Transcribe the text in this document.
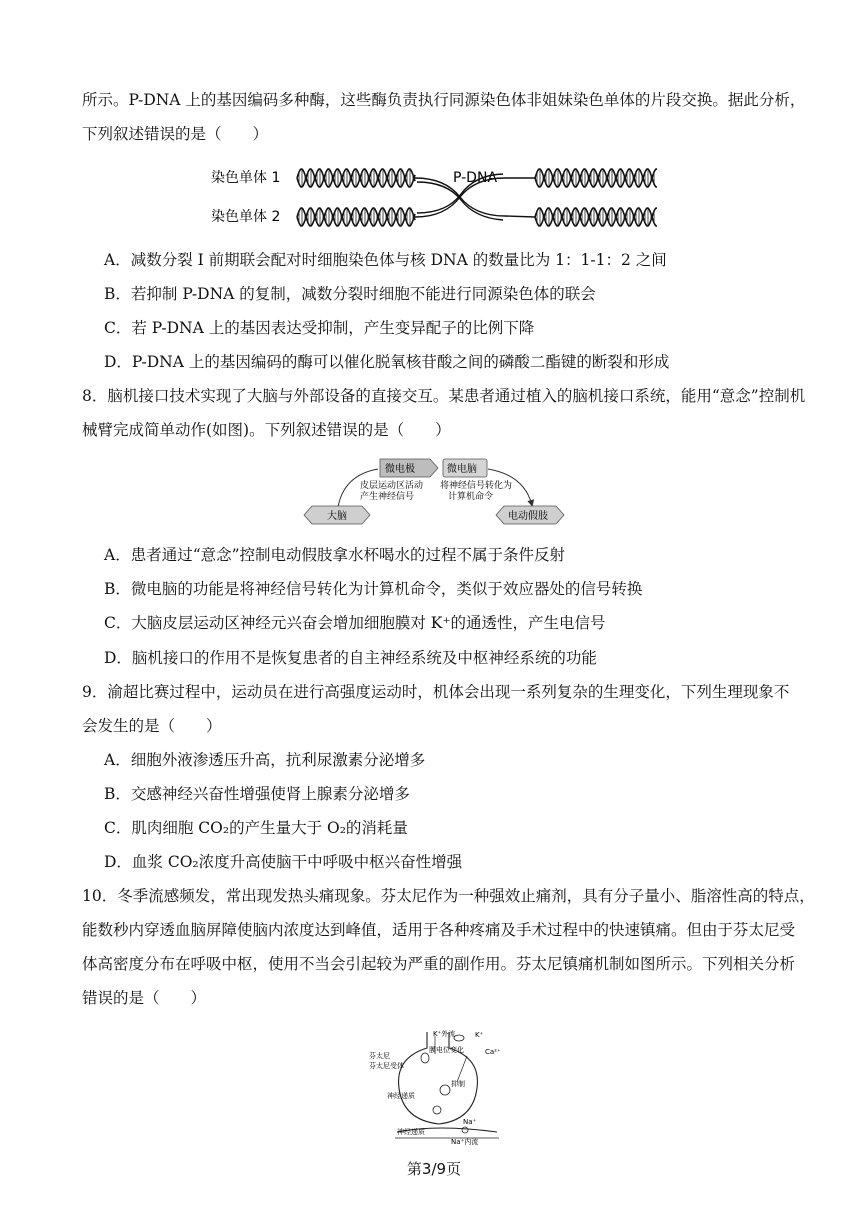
所示。P-DNA 上的基因编码多种酶，这些酶负责执行同源染色体非姐妹染色单体的片段交换。据此分析，
下列叙述错误的是（　　）
染色单体 1
染色单体 2
P-DNA
A．减数分裂 I 前期联会配对时细胞染色体与核 DNA 的数量比为 1：1-1：2 之间
B．若抑制 P-DNA 的复制，减数分裂时细胞不能进行同源染色体的联会
C．若 P-DNA 上的基因表达受抑制，产生变异配子的比例下降
D．P-DNA 上的基因编码的酶可以催化脱氧核苷酸之间的磷酸二酯键的断裂和形成
8．脑机接口技术实现了大脑与外部设备的直接交互。某患者通过植入的脑机接口系统，能用“意念”控制机
械臂完成简单动作(如图)。下列叙述错误的是（　　）
微电极	微电脑
皮层运动区活动
产生神经信号
将神经信号转化为
计算机命令
大脑	电动假肢
A．患者通过“意念”控制电动假肢拿水杯喝水的过程不属于条件反射
B．微电脑的功能是将神经信号转化为计算机命令，类似于效应器处的信号转换
C．大脑皮层运动区神经元兴奋会增加细胞膜对 K⁺的通透性，产生电信号
D．脑机接口的作用不是恢复患者的自主神经系统及中枢神经系统的功能
9．渝超比赛过程中，运动员在进行高强度运动时，机体会出现一系列复杂的生理变化，下列生理现象不
会发生的是（　　）
A．细胞外液渗透压升高，抗利尿激素分泌增多
B．交感神经兴奋性增强使肾上腺素分泌增多
C．肌肉细胞 CO₂的产生量大于 O₂的消耗量
D．血浆 CO₂浓度升高使脑干中呼吸中枢兴奋性增强
10．冬季流感频发，常出现发热头痛现象。芬太尼作为一种强效止痛剂，具有分子量小、脂溶性高的特点，
能数秒内穿透血脑屏障使脑内浓度达到峰值，适用于各种疼痛及手术过程中的快速镇痛。但由于芬太尼受
体高密度分布在呼吸中枢，使用不当会引起较为严重的副作用。芬太尼镇痛机制如图所示。下列相关分析
错误的是（　　）
芬太尼
芬太尼受体
K⁺外流	K⁺
膜电位变化	Ca²⁺
抑制
神经递质
Na⁺
神经递质
Na⁺内流
第3/9页
